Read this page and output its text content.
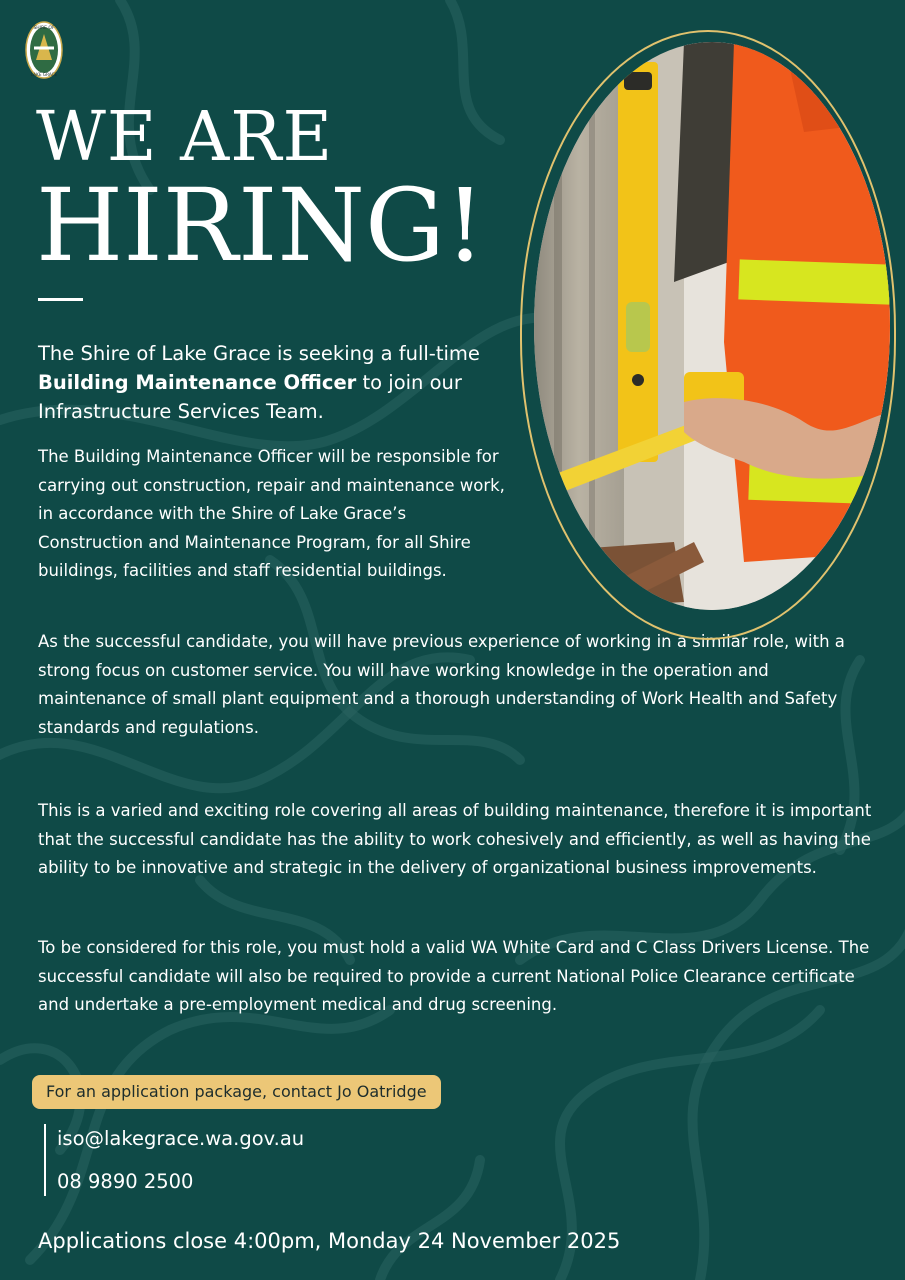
SHIRE OF
LAKE GRACE
WE ARE
HIRING!
The Shire of Lake Grace is seeking a full-time Building Maintenance Officer to join our Infrastructure Services Team.

The Building Maintenance Officer will be responsible for carrying out construction, repair and maintenance work, in accordance with the Shire of Lake Grace’s Construction and Maintenance Program, for all Shire buildings, facilities and staff residential buildings.

As the successful candidate, you will have previous experience of working in a similar role, with a strong focus on customer service. You will have working knowledge in the operation and maintenance of small plant equipment and a thorough understanding of Work Health and Safety standards and regulations.

This is a varied and exciting role covering all areas of building maintenance, therefore it is important that the successful candidate has the ability to work cohesively and efficiently, as well as having the ability to be innovative and strategic in the delivery of organizational business improvements.

To be considered for this role, you must hold a valid WA White Card and C Class Drivers License. The successful candidate will also be required to provide a current National Police Clearance certificate and undertake a pre-employment medical and drug screening.

For an application package, contact Jo Oatridge
iso@lakegrace.wa.gov.au
08 9890 2500
Applications close 4:00pm, Monday 24 November 2025
